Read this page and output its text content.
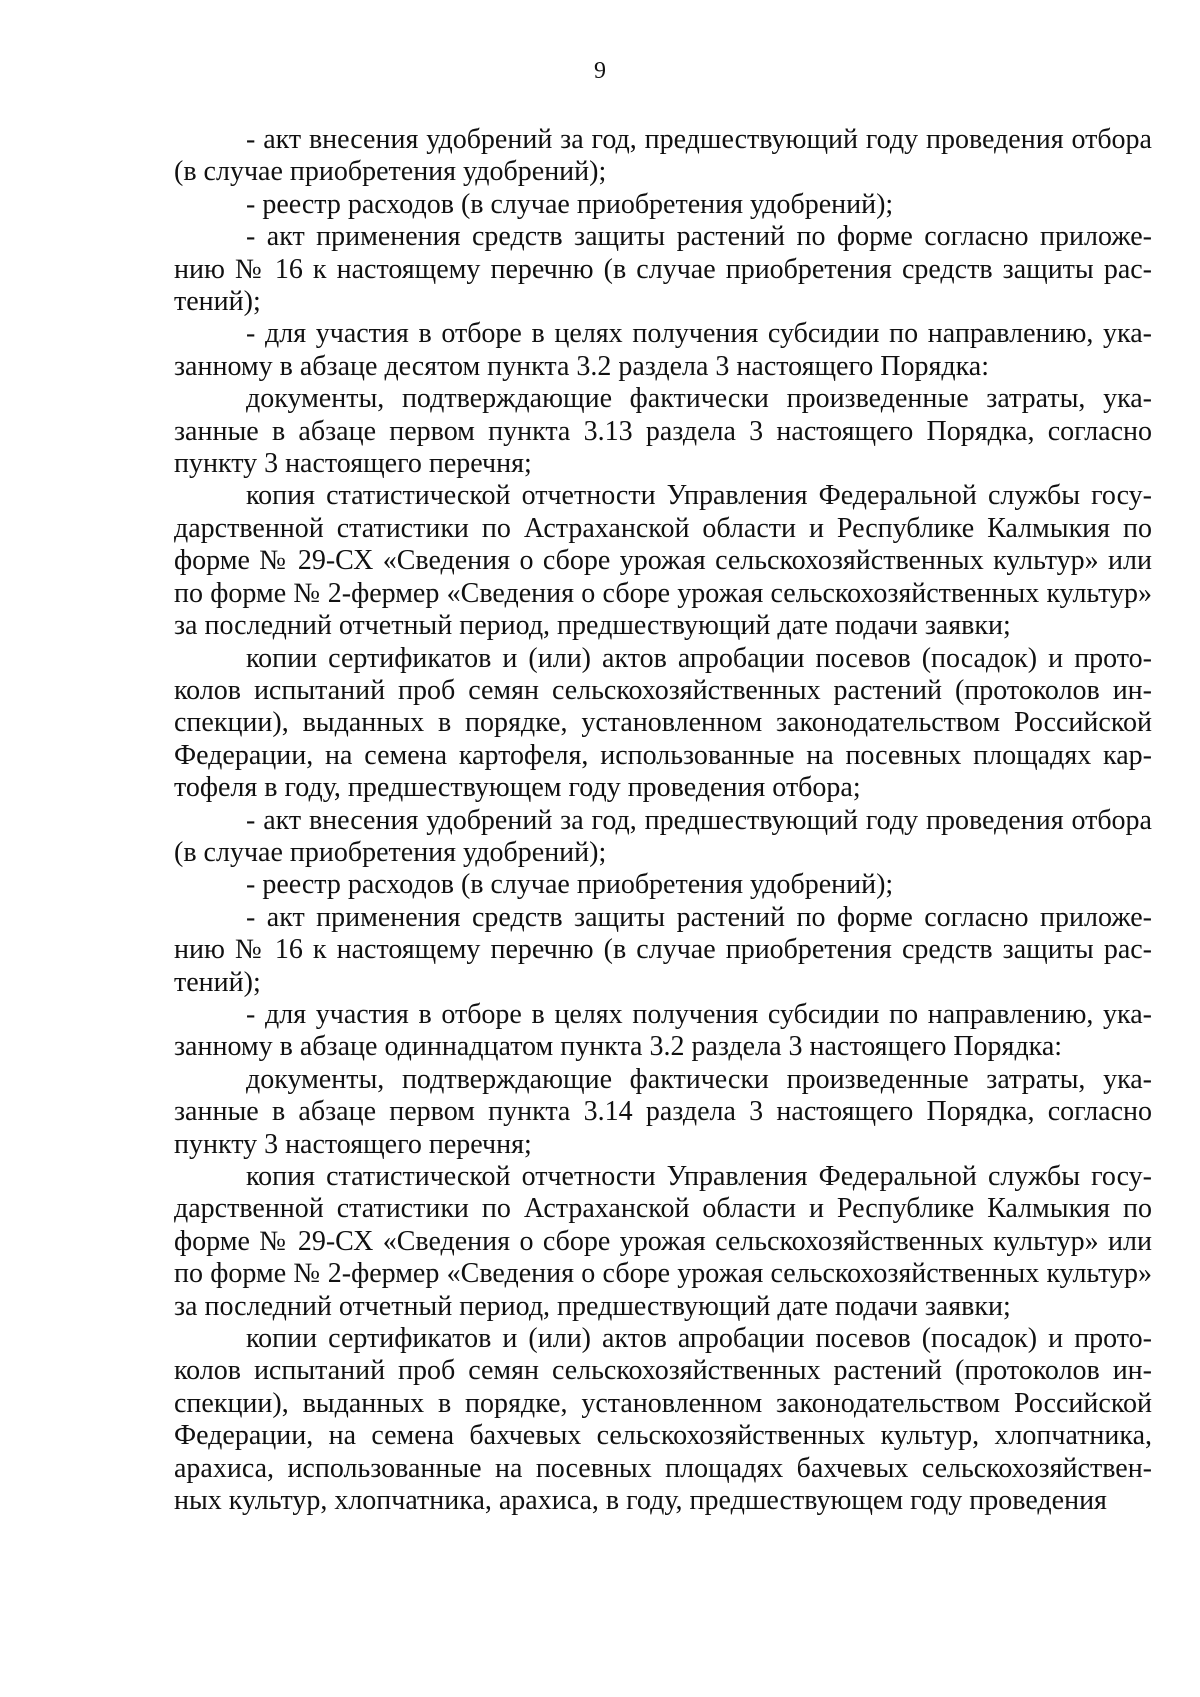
9

- акт внесения удобрений за год, предшествующий году проведения отбора (в случае приобретения удобрений);

- реестр расходов (в случае приобретения удобрений);

- акт применения средств защиты растений по форме согласно приложению № 16 к настоящему перечню (в случае приобретения средств защиты растений);

- для участия в отборе в целях получения субсидии по направлению, указанному в абзаце десятом пункта 3.2 раздела 3 настоящего Порядка:

документы, подтверждающие фактически произведенные затраты, указанные в абзаце первом пункта 3.13 раздела 3 настоящего Порядка, согласно пункту 3 настоящего перечня;

копия статистической отчетности Управления Федеральной службы государственной статистики по Астраханской области и Республике Калмыкия по форме № 29-СХ «Сведения о сборе урожая сельскохозяйственных культур» или по форме № 2-фермер «Сведения о сборе урожая сельскохозяйственных культур» за последний отчетный период, предшествующий дате подачи заявки;

копии сертификатов и (или) актов апробации посевов (посадок) и протоколов испытаний проб семян сельскохозяйственных растений (протоколов инспекции), выданных в порядке, установленном законодательством Российской Федерации, на семена картофеля, использованные на посевных площадях картофеля в году, предшествующем году проведения отбора;

- акт внесения удобрений за год, предшествующий году проведения отбора (в случае приобретения удобрений);

- реестр расходов (в случае приобретения удобрений);

- акт применения средств защиты растений по форме согласно приложению № 16 к настоящему перечню (в случае приобретения средств защиты растений);

- для участия в отборе в целях получения субсидии по направлению, указанному в абзаце одиннадцатом пункта 3.2 раздела 3 настоящего Порядка:

документы, подтверждающие фактически произведенные затраты, указанные в абзаце первом пункта 3.14 раздела 3 настоящего Порядка, согласно пункту 3 настоящего перечня;

копия статистической отчетности Управления Федеральной службы государственной статистики по Астраханской области и Республике Калмыкия по форме № 29-СХ «Сведения о сборе урожая сельскохозяйственных культур» или по форме № 2-фермер «Сведения о сборе урожая сельскохозяйственных культур» за последний отчетный период, предшествующий дате подачи заявки;

копии сертификатов и (или) актов апробации посевов (посадок) и протоколов испытаний проб семян сельскохозяйственных растений (протоколов инспекции), выданных в порядке, установленном законодательством Российской Федерации, на семена бахчевых сельскохозяйственных культур, хлопчатника, арахиса, использованные на посевных площадях бахчевых сельскохозяйственных культур, хлопчатника, арахиса, в году, предшествующем году проведения
